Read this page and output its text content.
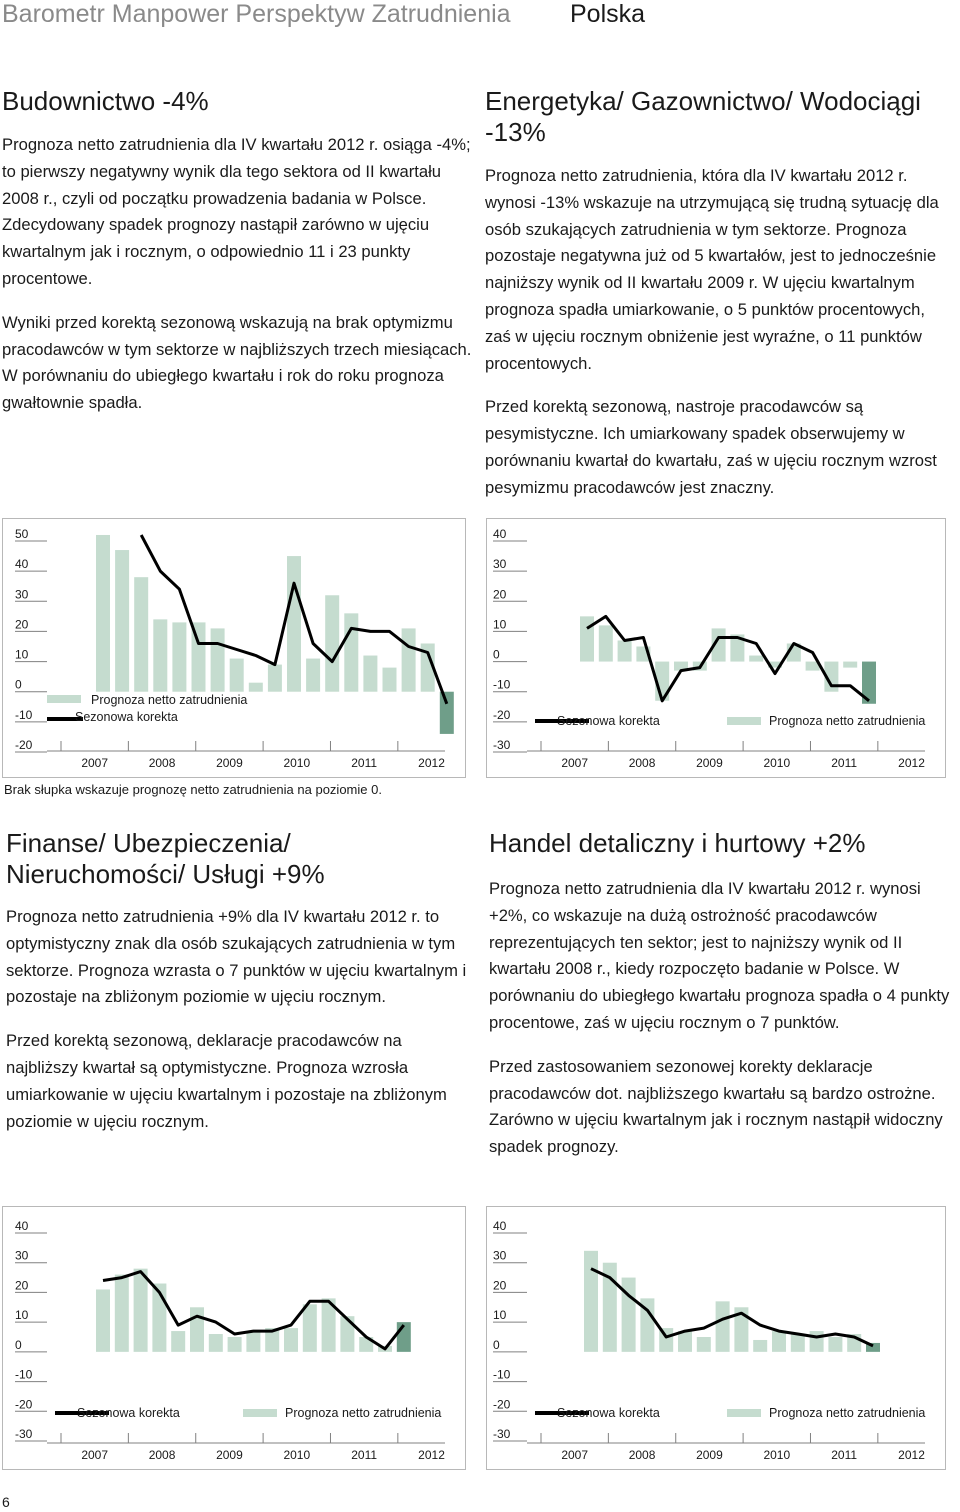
Barometr Manpower Perspektyw Zatrudnienia Polska
Budownictwo -4%

Prognoza netto zatrudnienia dla IV kwartału 2012 r. osiąga -4%; to pierwszy negatywny wynik dla tego sektora od II kwartału 2008 r., czyli od początku prowadzenia badania w Polsce. Zdecydowany spadek prognozy nastąpił zarówno w ujęciu kwartalnym jak i rocznym, o odpowiednio 11 i 23 punkty procentowe.

Wyniki przed korektą sezonową wskazują na brak optymizmu pracodawców w tym sektorze w najbliższych trzech miesiącach. W porównaniu do ubiegłego kwartału i rok do roku prognoza gwałtownie spadła.

Energetyka/ Gazownictwo/ Wodociągi -13%

Prognoza netto zatrudnienia, która dla IV kwartału 2012 r. wynosi -13% wskazuje na utrzymującą się trudną sytuację dla osób szukających zatrudnienia w tym sektorze. Prognoza pozostaje negatywna już od 5 kwartałów, jest to jednocześnie najniższy wynik od II kwartału 2009 r. W ujęciu kwartalnym prognoza spadła umiarkowanie, o 5 punktów procentowych, zaś w ujęciu rocznym obniżenie jest wyraźne, o 11 punktów procentowych.

Przed korektą sezonową, nastroje pracodawców są pesymistyczne. Ich umiarkowany spadek obserwujemy w porównaniu kwartał do kwartału, zaś w ujęciu rocznym wzrost pesymizmu pracodawców jest znaczny.

50
40
30
20
10
0
-10
-20
2007	2008	2009	2010	2011	2012
Prognoza netto zatrudnienia
Sezonowa korekta
40
30
20
10
0
-10
-20
-30
2007	2008	2009	2010	2011	2012
Sezonowa korekta	Prognoza netto zatrudnienia
Brak słupka wskazuje prognozę netto zatrudnienia na poziomie 0.
Finanse/ Ubezpieczenia/ Nieruchomości/ Usługi +9%

Prognoza netto zatrudnienia +9% dla IV kwartału 2012 r. to optymistyczny znak dla osób szukających zatrudnienia w tym sektorze. Prognoza wzrasta o 7 punktów w ujęciu kwartalnym i pozostaje na zbliżonym poziomie w ujęciu rocznym.

Przed korektą sezonową, deklaracje pracodawców na najbliższy kwartał są optymistyczne. Prognoza wzrosła umiarkowanie w ujęciu kwartalnym i pozostaje na zbliżonym poziomie w ujęciu rocznym.

Handel detaliczny i hurtowy +2%

Prognoza netto zatrudnienia dla IV kwartału 2012 r. wynosi +2%, co wskazuje na dużą ostrożność pracodawców reprezentujących ten sektor; jest to najniższy wynik od II kwartału 2008 r., kiedy rozpoczęto badanie w Polsce. W porównaniu do ubiegłego kwartału prognoza spadła o 4 punkty procentowe, zaś w ujęciu rocznym o 7 punktów.

Przed zastosowaniem sezonowej korekty deklaracje pracodawców dot. najbliższego kwartału są bardzo ostrożne. Zarówno w ujęciu kwartalnym jak i rocznym nastąpił widoczny spadek prognozy.

40
30
20
10
0
-10
-20
-30
2007	2008	2009	2010	2011	2012
Sezonowa korekta	Prognoza netto zatrudnienia
40
30
20
10
0
-10
-20
-30
2007	2008	2009	2010	2011	2012
Sezonowa korekta	Prognoza netto zatrudnienia
6
